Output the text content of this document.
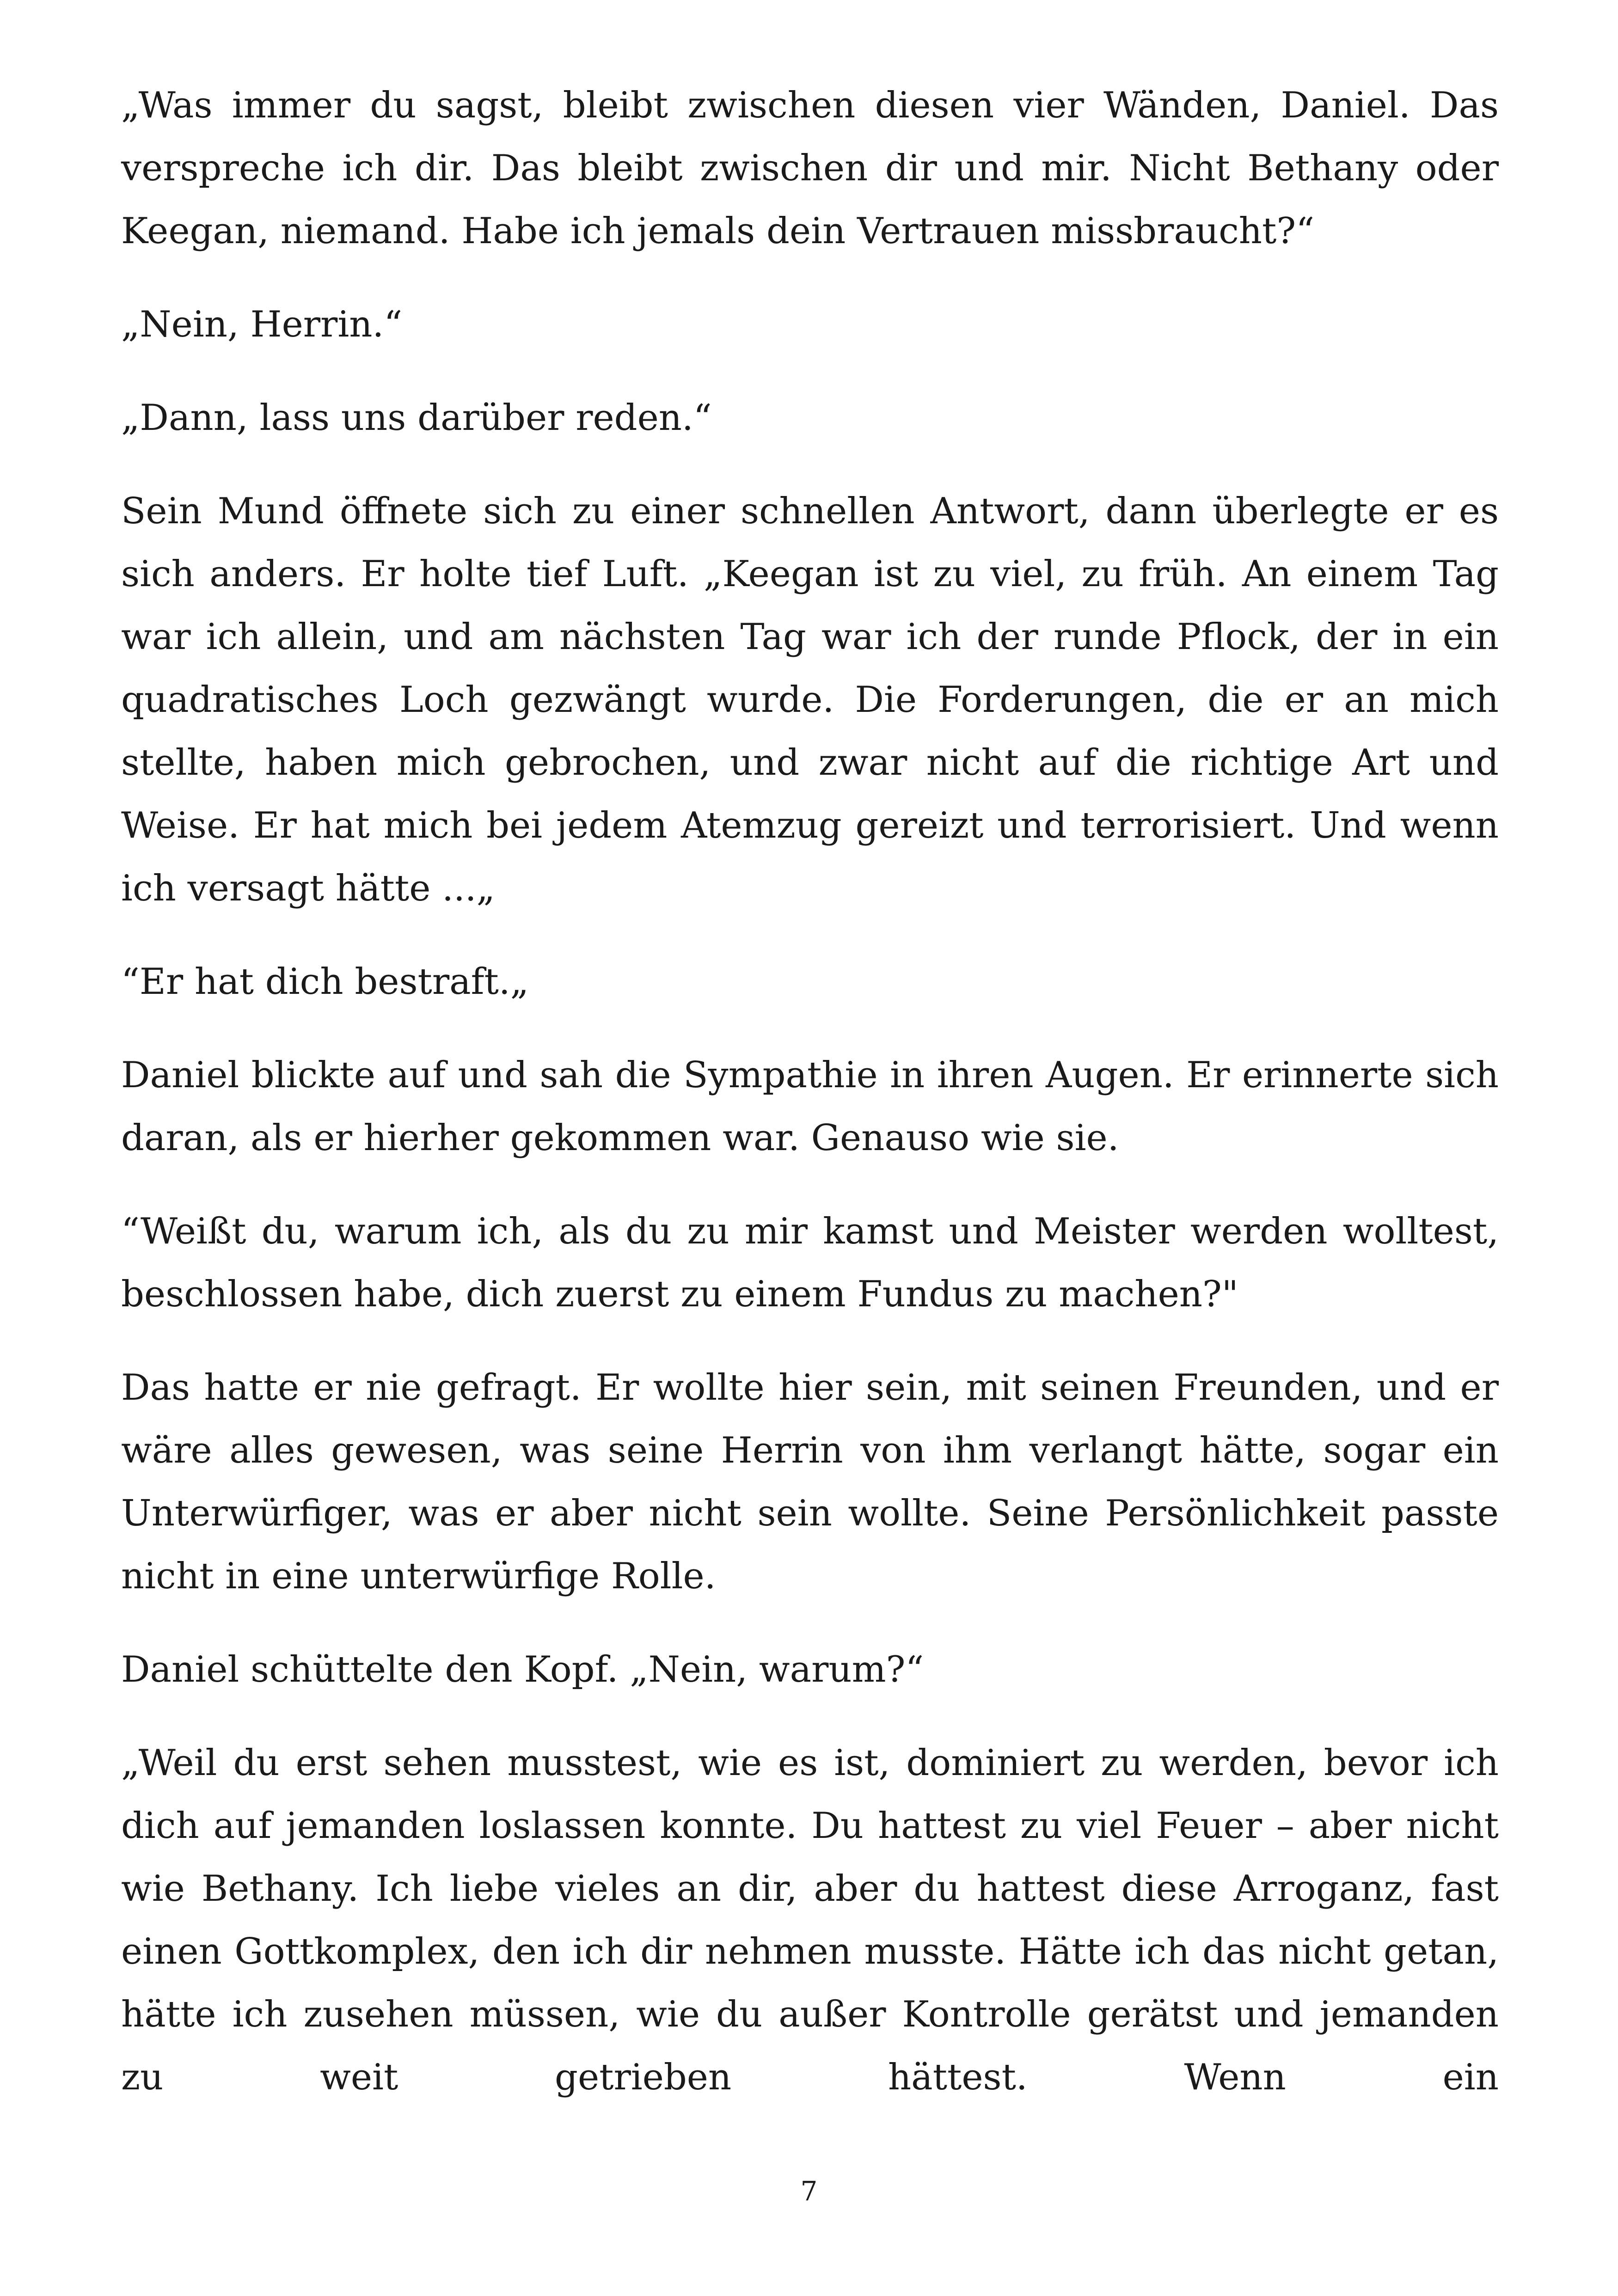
„Was immer du sagst, bleibt zwischen diesen vier Wänden, Daniel. Das verspreche ich dir. Das bleibt zwischen dir und mir. Nicht Bethany oder Keegan, niemand. Habe ich jemals dein Vertrauen missbraucht?“

„Nein, Herrin.“

„Dann, lass uns darüber reden.“

Sein Mund öffnete sich zu einer schnellen Antwort, dann überlegte er es sich anders. Er holte tief Luft. „Keegan ist zu viel, zu früh. An einem Tag war ich allein, und am nächsten Tag war ich der runde Pflock, der in ein quadratisches Loch gezwängt wurde. Die Forderungen, die er an mich stellte, haben mich gebrochen, und zwar nicht auf die richtige Art und Weise. Er hat mich bei jedem Atemzug gereizt und terrorisiert. Und wenn ich versagt hätte ...„

“Er hat dich bestraft.„

Daniel blickte auf und sah die Sympathie in ihren Augen. Er erinnerte sich daran, als er hierher gekommen war. Genauso wie sie.

“Weißt du, warum ich, als du zu mir kamst und Meister werden wolltest, beschlossen habe, dich zuerst zu einem Fundus zu machen?"

Das hatte er nie gefragt. Er wollte hier sein, mit seinen Freunden, und er wäre alles gewesen, was seine Herrin von ihm verlangt hätte, sogar ein Unterwürfiger, was er aber nicht sein wollte. Seine Persönlichkeit passte nicht in eine unterwürfige Rolle.

Daniel schüttelte den Kopf. „Nein, warum?“

„Weil du erst sehen musstest, wie es ist, dominiert zu werden, bevor ich dich auf jemanden loslassen konnte. Du hattest zu viel Feuer – aber nicht wie Bethany. Ich liebe vieles an dir, aber du hattest diese Arroganz, fast einen Gottkomplex, den ich dir nehmen musste. Hätte ich das nicht getan, hätte ich zusehen müssen, wie du außer Kontrolle gerätst und jemanden zu weit getrieben hättest. Wenn ein

7
